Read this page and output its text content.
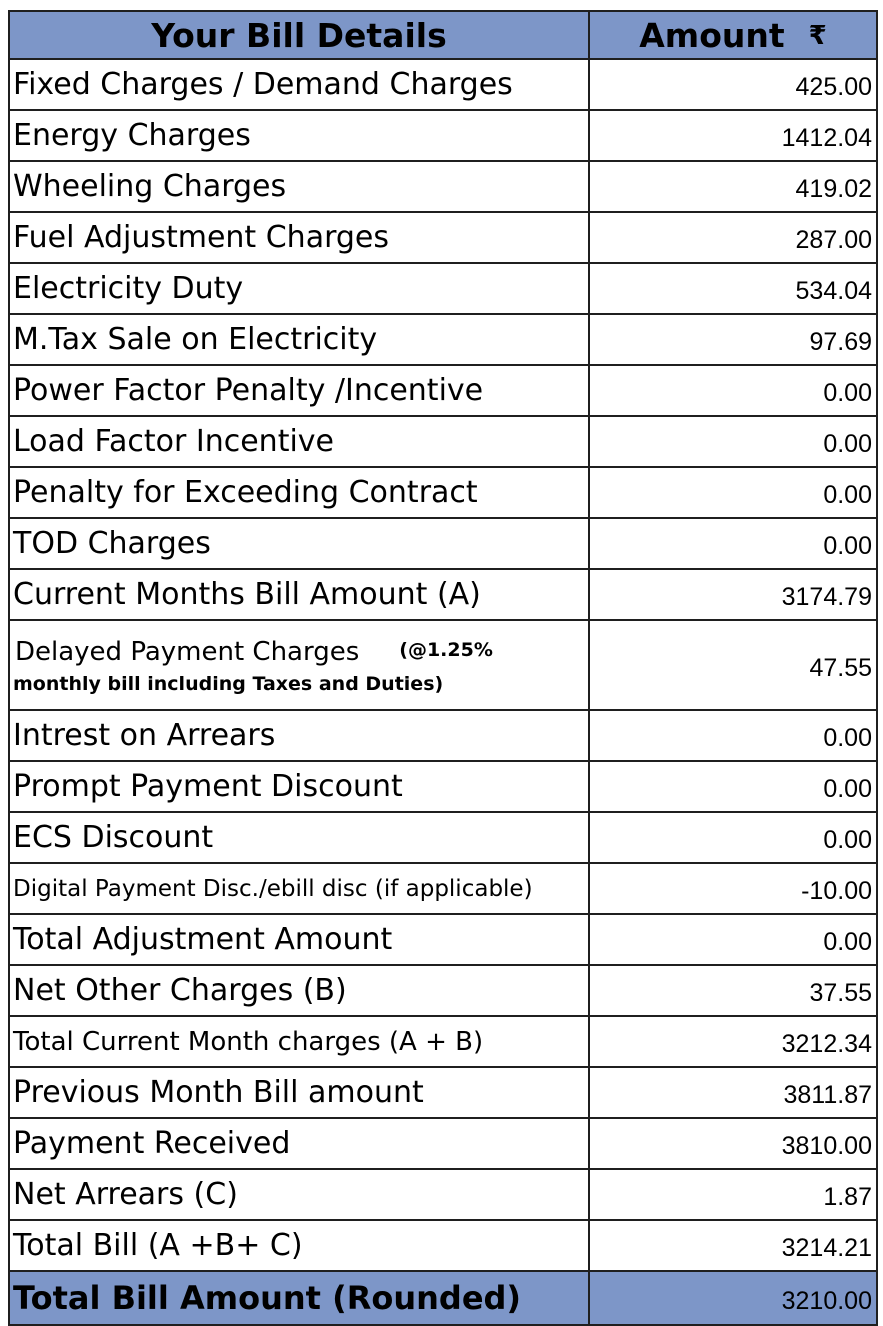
Your Bill Details	Amount ₹
Fixed Charges / Demand Charges	425.00
Energy Charges	1412.04
Wheeling Charges	419.02
Fuel Adjustment Charges	287.00
Electricity Duty	534.04
M.Tax Sale on Electricity	97.69
Power Factor Penalty /Incentive	0.00
Load Factor Incentive	0.00
Penalty for Exceeding Contract	0.00
TOD Charges	0.00
Current Months Bill Amount (A)	3174.79

Delayed Payment Charges (@1.25%
monthly bill including Taxes and Duties)	47.55
Intrest on Arrears	0.00
Prompt Payment Discount	0.00
ECS Discount	0.00
Digital Payment Disc./ebill disc (if applicable)	-10.00
Total Adjustment Amount	0.00
Net Other Charges (B)	37.55
Total Current Month charges (A + B)	3212.34
Previous Month Bill amount	3811.87
Payment Received	3810.00
Net Arrears (C)	1.87
Total Bill (A +B+ C)	3214.21
Total Bill Amount (Rounded)	3210.00
